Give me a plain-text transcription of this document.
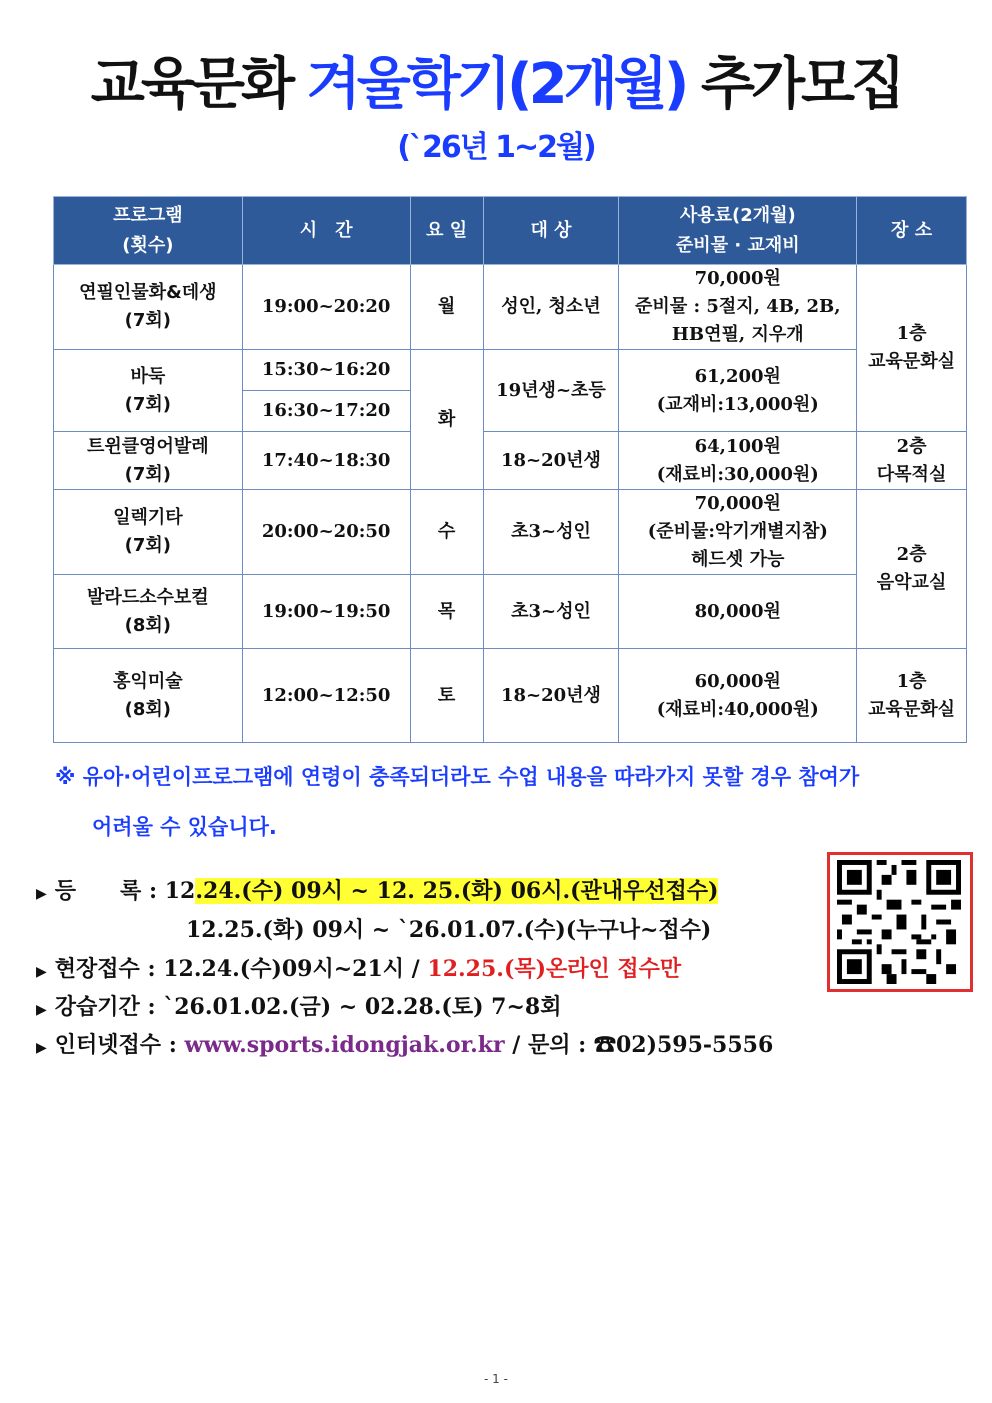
교육문화 겨울학기(2개월) 추가모집
(`26년 1~2월)
프로그램
(횟수)	시　간	요 일	대 상	사용료(2개월)
준비물 · 교재비	장 소

연필인물화&데생
(7회)	19:00~20:20	월	성인, 청소년	70,000원
준비물 : 5절지, 4B, 2B,
HB연필, 지우개	1층
교육문화실

바둑
(7회)	15:30~16:20	화	19년생~초등	61,200원
(교재비:13,000원)	

	16:30~17:20				

트윈클영어발레
(7회)	17:40~18:30		18~20년생	64,100원
(재료비:30,000원)	2층
다목적실

일렉기타
(7회)	20:00~20:50	수	초3~성인	70,000원
(준비물:악기개별지참)
헤드셋 가능	2층
음악교실

발라드소수보컬
(8회)	19:00~19:50	목	초3~성인	80,000원	

홍익미술
(8회)	12:00~12:50	토	18~20년생	60,000원
(재료비:40,000원)	1층
교육문화실
※ 유아·어린이프로그램에 연령이 충족되더라도 수업 내용을 따라가지 못할 경우 참여가
어려울 수 있습니다.
▶ 등　　록 : 12.24.(수) 09시 ~ 12. 25.(화) 06시.(관내우선접수)
12.25.(화) 09시 ~ `26.01.07.(수)(누구나~접수)
▶ 현장접수 : 12.24.(수)09시~21시 / 12.25.(목)온라인 접수만
▶ 강습기간 : `26.01.02.(금) ~ 02.28.(토) 7~8회
▶ 인터넷접수 : www.sports.idongjak.or.kr / 문의 : ☎02)595-5556
- 1 -
